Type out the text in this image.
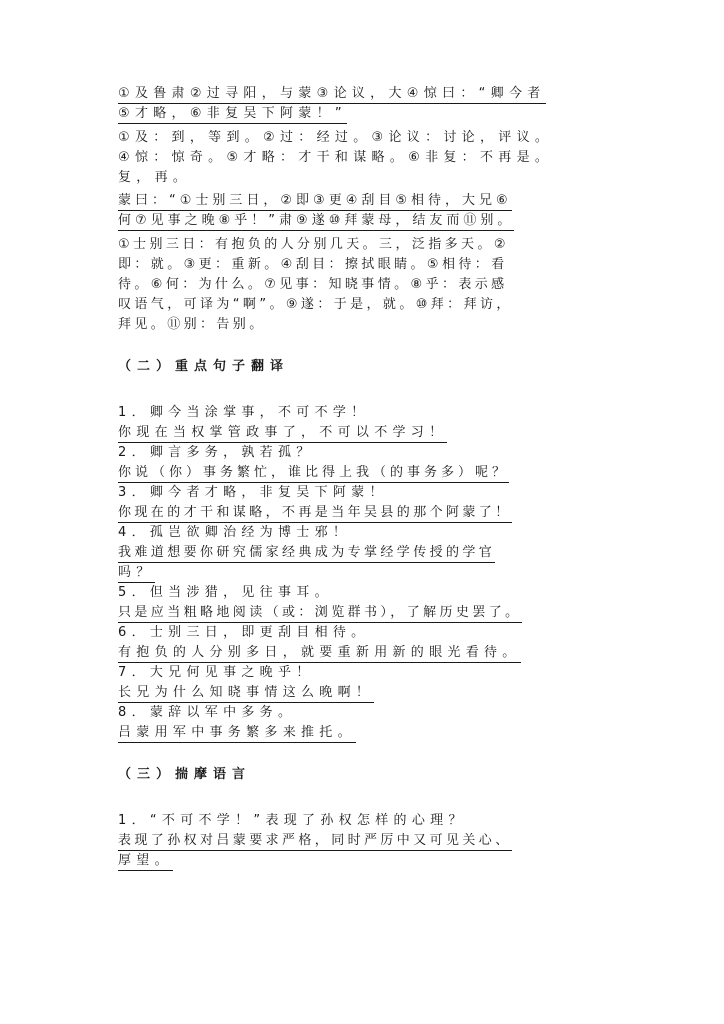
①及鲁肃②过寻阳，与蒙③论议，大④惊曰：“卿今者
⑤才略，⑥非复吴下阿蒙！”
①及：到，等到。②过：经过。③论议：讨论，评议。
④惊：惊奇。⑤才略：才干和谋略。⑥非复：不再是。
复，再。
蒙曰：“①士别三日，②即③更④刮目⑤相待，大兄⑥
何⑦见事之晚⑧乎！”肃⑨遂⑩拜蒙母，结友而⑪别。
①士别三日：有抱负的人分别几天。三，泛指多天。②
即：就。③更：重新。④刮目：擦拭眼睛。⑤相待：看
待。⑥何：为什么。⑦见事：知晓事情。⑧乎：表示感
叹语气，可译为“啊”。⑨遂：于是，就。⑩拜：拜访，
拜见。⑪别：告别。
（二）重点句子翻译
1．卿今当涂掌事，不可不学！
你现在当权掌管政事了，不可以不学习！
2．卿言多务，孰若孤？
你说（你）事务繁忙，谁比得上我（的事务多）呢？
3．卿今者才略，非复吴下阿蒙！
你现在的才干和谋略，不再是当年吴县的那个阿蒙了！
4．孤岂欲卿治经为博士邪！
我难道想要你研究儒家经典成为专掌经学传授的学官
吗？
5．但当涉猎，见往事耳。
只是应当粗略地阅读（或：浏览群书），了解历史罢了。
6．士别三日，即更刮目相待。
有抱负的人分别多日，就要重新用新的眼光看待。
7．大兄何见事之晚乎！
长兄为什么知晓事情这么晚啊！
8．蒙辞以军中多务。
吕蒙用军中事务繁多来推托。
（三）揣摩语言
1．“不可不学！”表现了孙权怎样的心理？
表现了孙权对吕蒙要求严格，同时严厉中又可见关心、
厚望。
